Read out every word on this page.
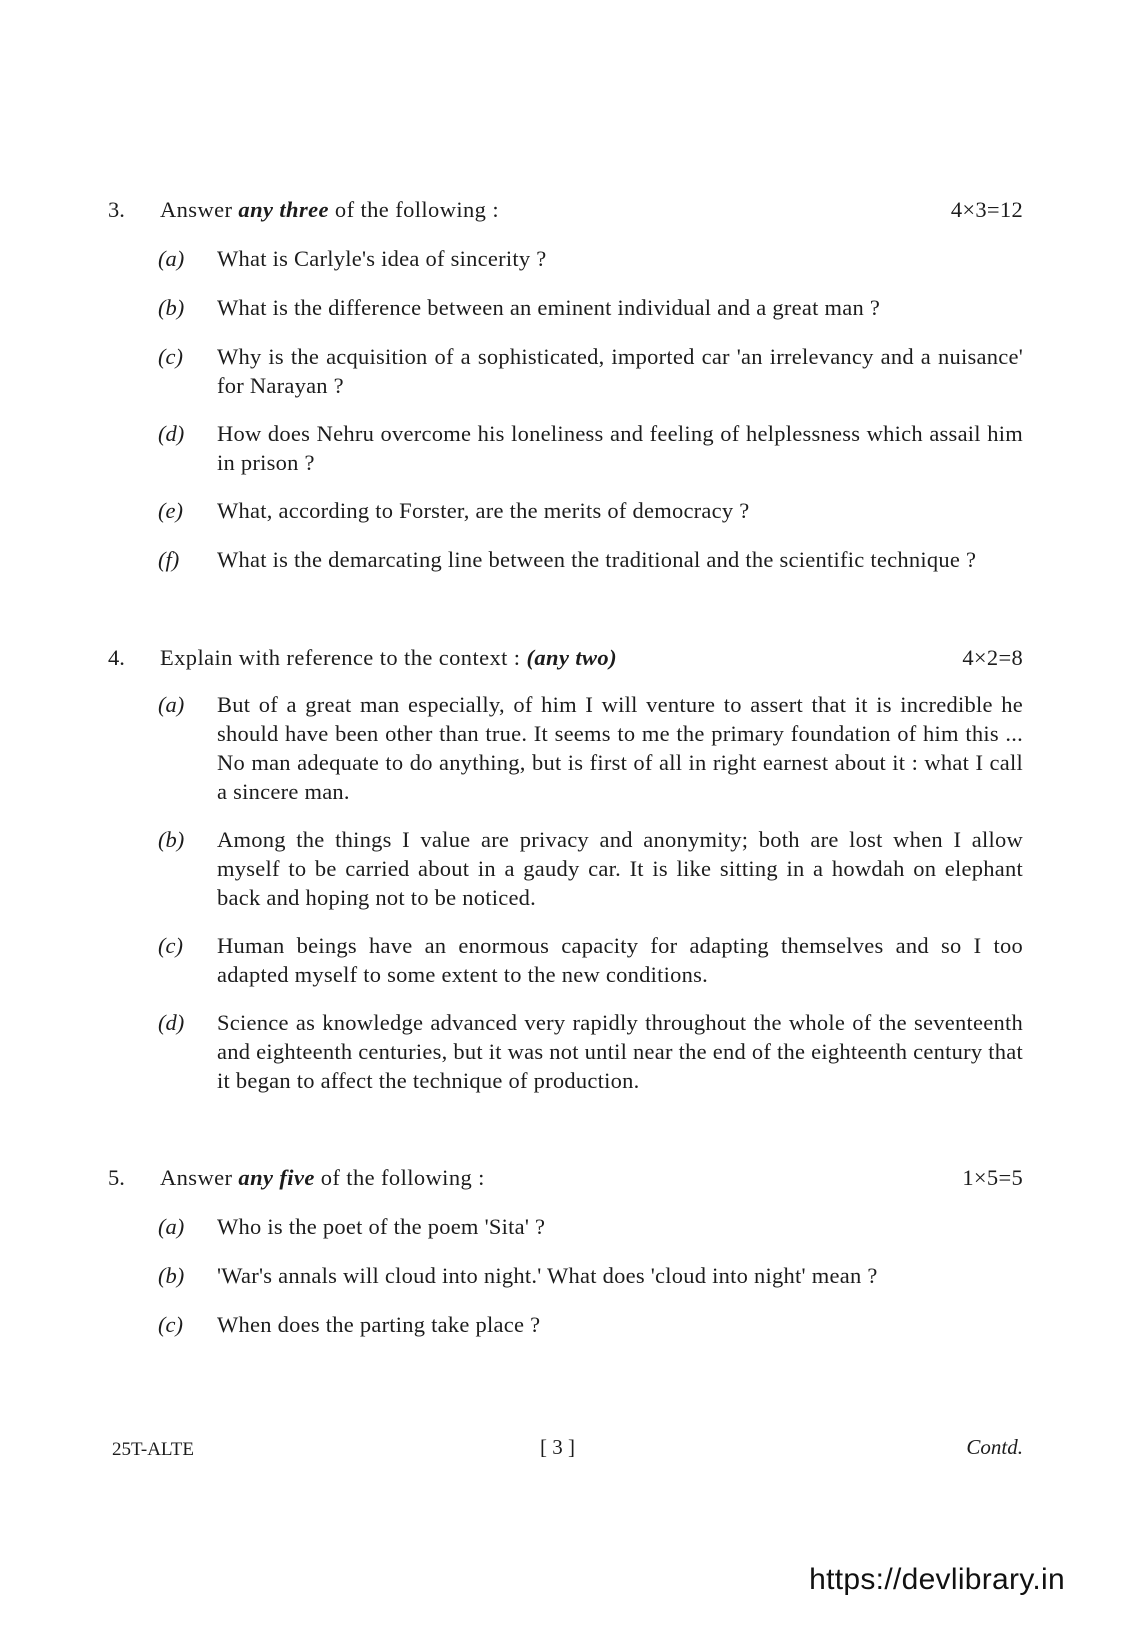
3. Answer any three of the following :	4×3=12
(a) What is Carlyle's idea of sincerity ?
(b) What is the difference between an eminent individual and a great man ?
(c) Why is the acquisition of a sophisticated, imported car 'an irrelevancy and a nuisance' for Narayan ?
(d) How does Nehru overcome his loneliness and feeling of helplessness which assail him in prison ?
(e) What, according to Forster, are the merits of democracy ?
(f) What is the demarcating line between the traditional and the scientific technique ?
4. Explain with reference to the context : (any two)	4×2=8
(a) But of a great man especially, of him I will venture to assert that it is incredible he should have been other than true. It seems to me the primary foundation of him this ... No man adequate to do anything, but is first of all in right earnest about it : what I call a sincere man.
(b) Among the things I value are privacy and anonymity; both are lost when I allow myself to be carried about in a gaudy car. It is like sitting in a howdah on elephant back and hoping not to be noticed.
(c) Human beings have an enormous capacity for adapting themselves and so I too adapted myself to some extent to the new conditions.
(d) Science as knowledge advanced very rapidly throughout the whole of the seventeenth and eighteenth centuries, but it was not until near the end of the eighteenth century that it began to affect the technique of production.
5. Answer any five of the following :	1×5=5
(a) Who is the poet of the poem 'Sita' ?
(b) 'War's annals will cloud into night.' What does 'cloud into night' mean ?
(c) When does the parting take place ?
25T-ALTE	[ 3 ]	Contd.
https://devlibrary.in
